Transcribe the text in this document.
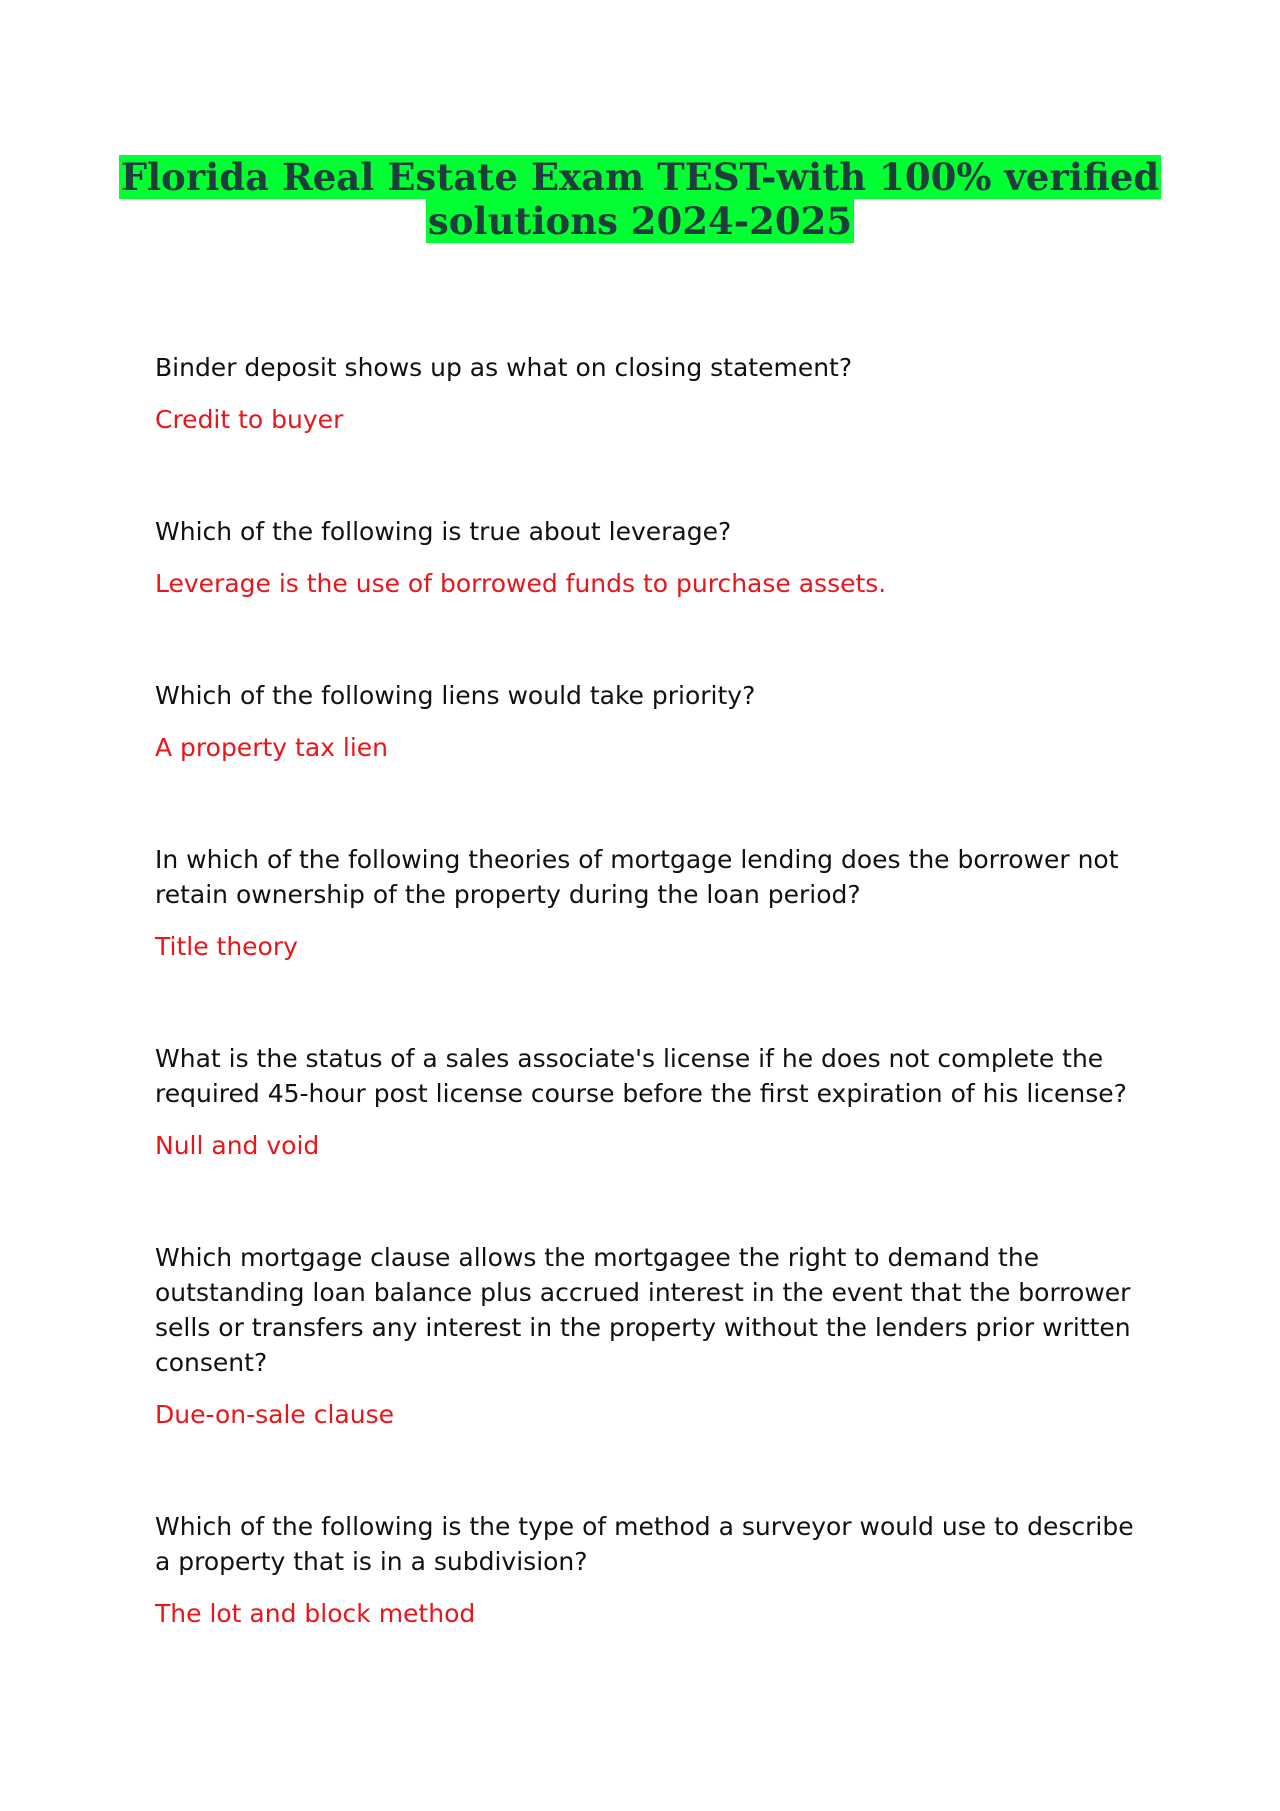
Florida Real Estate Exam TEST-with 100% verified
solutions 2024-2025

Binder deposit shows up as what on closing statement?

Credit to buyer

Which of the following is true about leverage?

Leverage is the use of borrowed funds to purchase assets.

Which of the following liens would take priority?

A property tax lien

In which of the following theories of mortgage lending does the borrower not retain ownership of the property during the loan period?

Title theory

What is the status of a sales associate's license if he does not complete the required 45-hour post license course before the first expiration of his license?

Null and void

Which mortgage clause allows the mortgagee the right to demand the outstanding loan balance plus accrued interest in the event that the borrower sells or transfers any interest in the property without the lenders prior written consent?

Due-on-sale clause

Which of the following is the type of method a surveyor would use to describe a property that is in a subdivision?

The lot and block method
